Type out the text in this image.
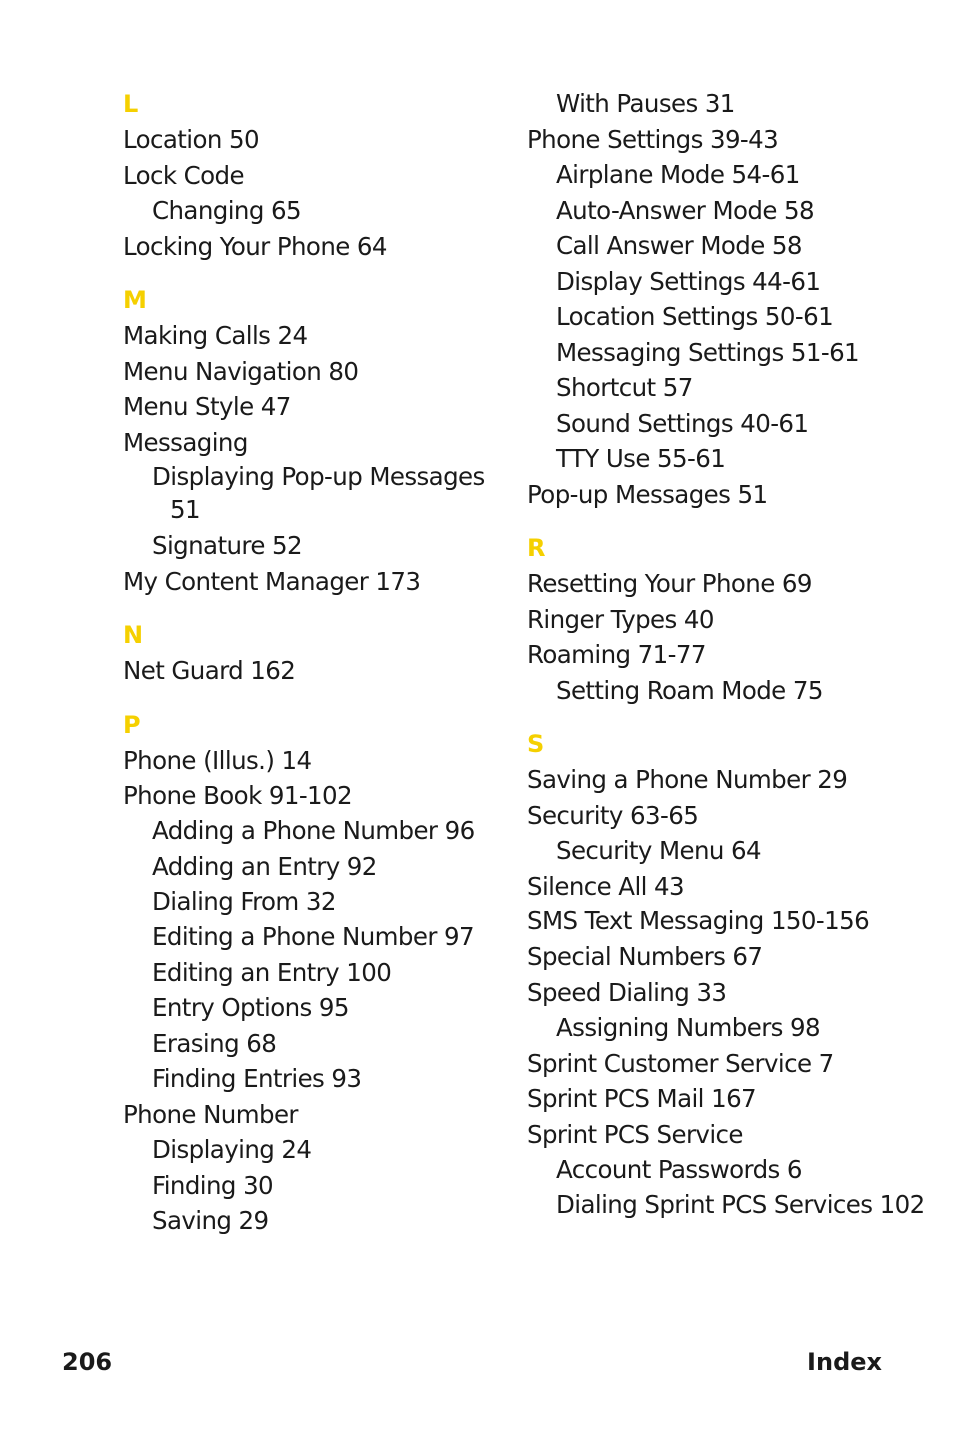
L
Location 50
Lock Code
Changing 65
Locking Your Phone 64
M
Making Calls 24
Menu Navigation 80
Menu Style 47
Messaging
Displaying Pop-up Messages 51
Signature 52
My Content Manager 173
N
Net Guard 162
P
Phone (Illus.) 14
Phone Book 91-102
Adding a Phone Number 96
Adding an Entry 92
Dialing From 32
Editing a Phone Number 97
Editing an Entry 100
Entry Options 95
Erasing 68
Finding Entries 93
Phone Number
Displaying 24
Finding 30
Saving 29
With Pauses 31
Phone Settings 39-43
Airplane Mode 54-61
Auto-Answer Mode 58
Call Answer Mode 58
Display Settings 44-61
Location Settings 50-61
Messaging Settings 51-61
Shortcut 57
Sound Settings 40-61
TTY Use 55-61
Pop-up Messages 51
R
Resetting Your Phone 69
Ringer Types 40
Roaming 71-77
Setting Roam Mode 75
S
Saving a Phone Number 29
Security 63-65
Security Menu 64
Silence All 43
SMS Text Messaging 150-156
Special Numbers 67
Speed Dialing 33
Assigning Numbers 98
Sprint Customer Service 7
Sprint PCS Mail 167
Sprint PCS Service
Account Passwords 6
Dialing Sprint PCS Services 102
206	Index
